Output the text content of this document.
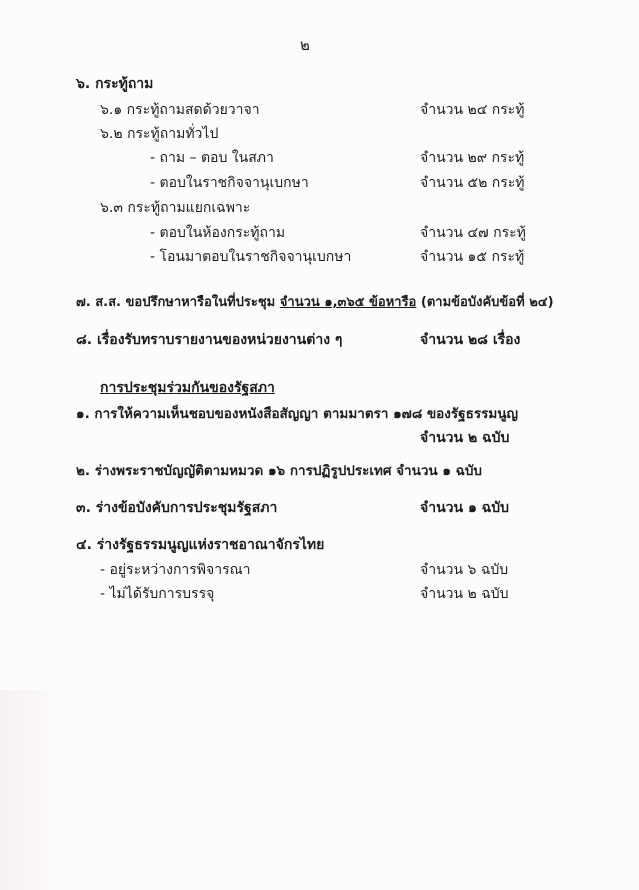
๒
๖. กระทู้ถาม
๖.๑ กระทู้ถามสดด้วยวาจา	จำนวน ๒๔ กระทู้
๖.๒ กระทู้ถามทั่วไป
- ถาม – ตอบ ในสภา	จำนวน ๒๙ กระทู้
- ตอบในราชกิจจานุเบกษา	จำนวน ๕๒ กระทู้
๖.๓ กระทู้ถามแยกเฉพาะ
- ตอบในห้องกระทู้ถาม	จำนวน ๔๗ กระทู้
- โอนมาตอบในราชกิจจานุเบกษา	จำนวน ๑๕ กระทู้
๗. ส.ส. ขอปรึกษาหารือในที่ประชุม จำนวน ๑,๓๖๕ ข้อหารือ (ตามข้อบังคับข้อที่ ๒๔)
๘. เรื่องรับทราบรายงานของหน่วยงานต่าง ๆ	จำนวน ๒๘ เรื่อง
การประชุมร่วมกันของรัฐสภา
๑. การให้ความเห็นชอบของหนังสือสัญญา ตามมาตรา ๑๗๘ ของรัฐธรรมนูญ
จำนวน ๒ ฉบับ
๒. ร่างพระราชบัญญัติตามหมวด ๑๖ การปฏิรูปประเทศ จำนวน ๑ ฉบับ
๓. ร่างข้อบังคับการประชุมรัฐสภา	จำนวน ๑ ฉบับ
๔. ร่างรัฐธรรมนูญแห่งราชอาณาจักรไทย
- อยู่ระหว่างการพิจารณา	จำนวน ๖ ฉบับ
- ไม่ได้รับการบรรจุ	จำนวน ๒ ฉบับ
